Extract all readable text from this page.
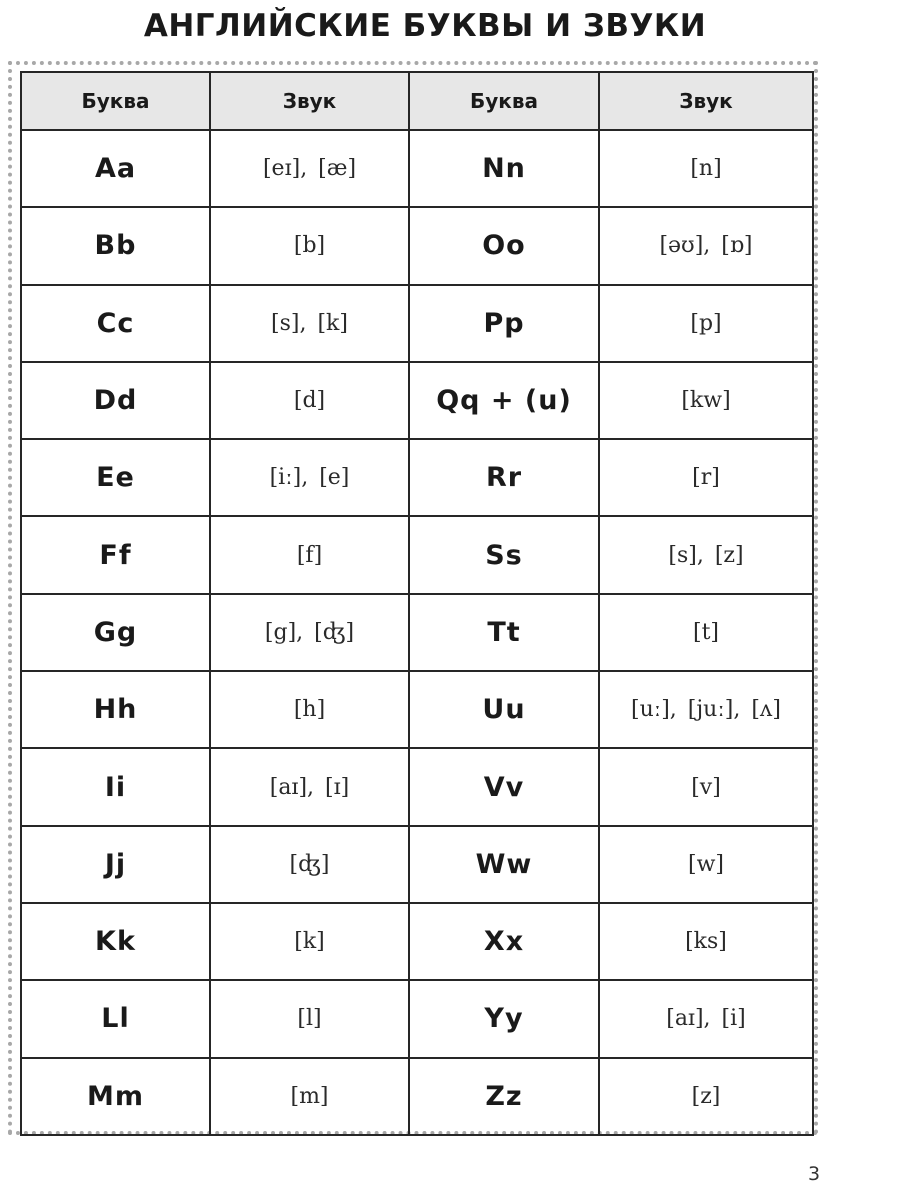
АНГЛИЙСКИЕ БУКВЫ И ЗВУКИ
Буква	Звук	Буква	Звук
Aa	[eɪ], [æ]	Nn	[n]
Bb	[b]	Oo	[əʊ], [ɒ]
Cc	[s], [k]	Pp	[p]
Dd	[d]	Qq + (u)	[kw]
Ee	[iː], [e]	Rr	[r]
Ff	[f]	Ss	[s], [z]
Gg	[g], [ʤ]	Tt	[t]
Hh	[h]	Uu	[uː], [juː], [ʌ]
Ii	[aɪ], [ɪ]	Vv	[v]
Jj	[ʤ]	Ww	[w]
Kk	[k]	Xx	[ks]
Ll	[l]	Yy	[aɪ], [i]
Mm	[m]	Zz	[z]
3
